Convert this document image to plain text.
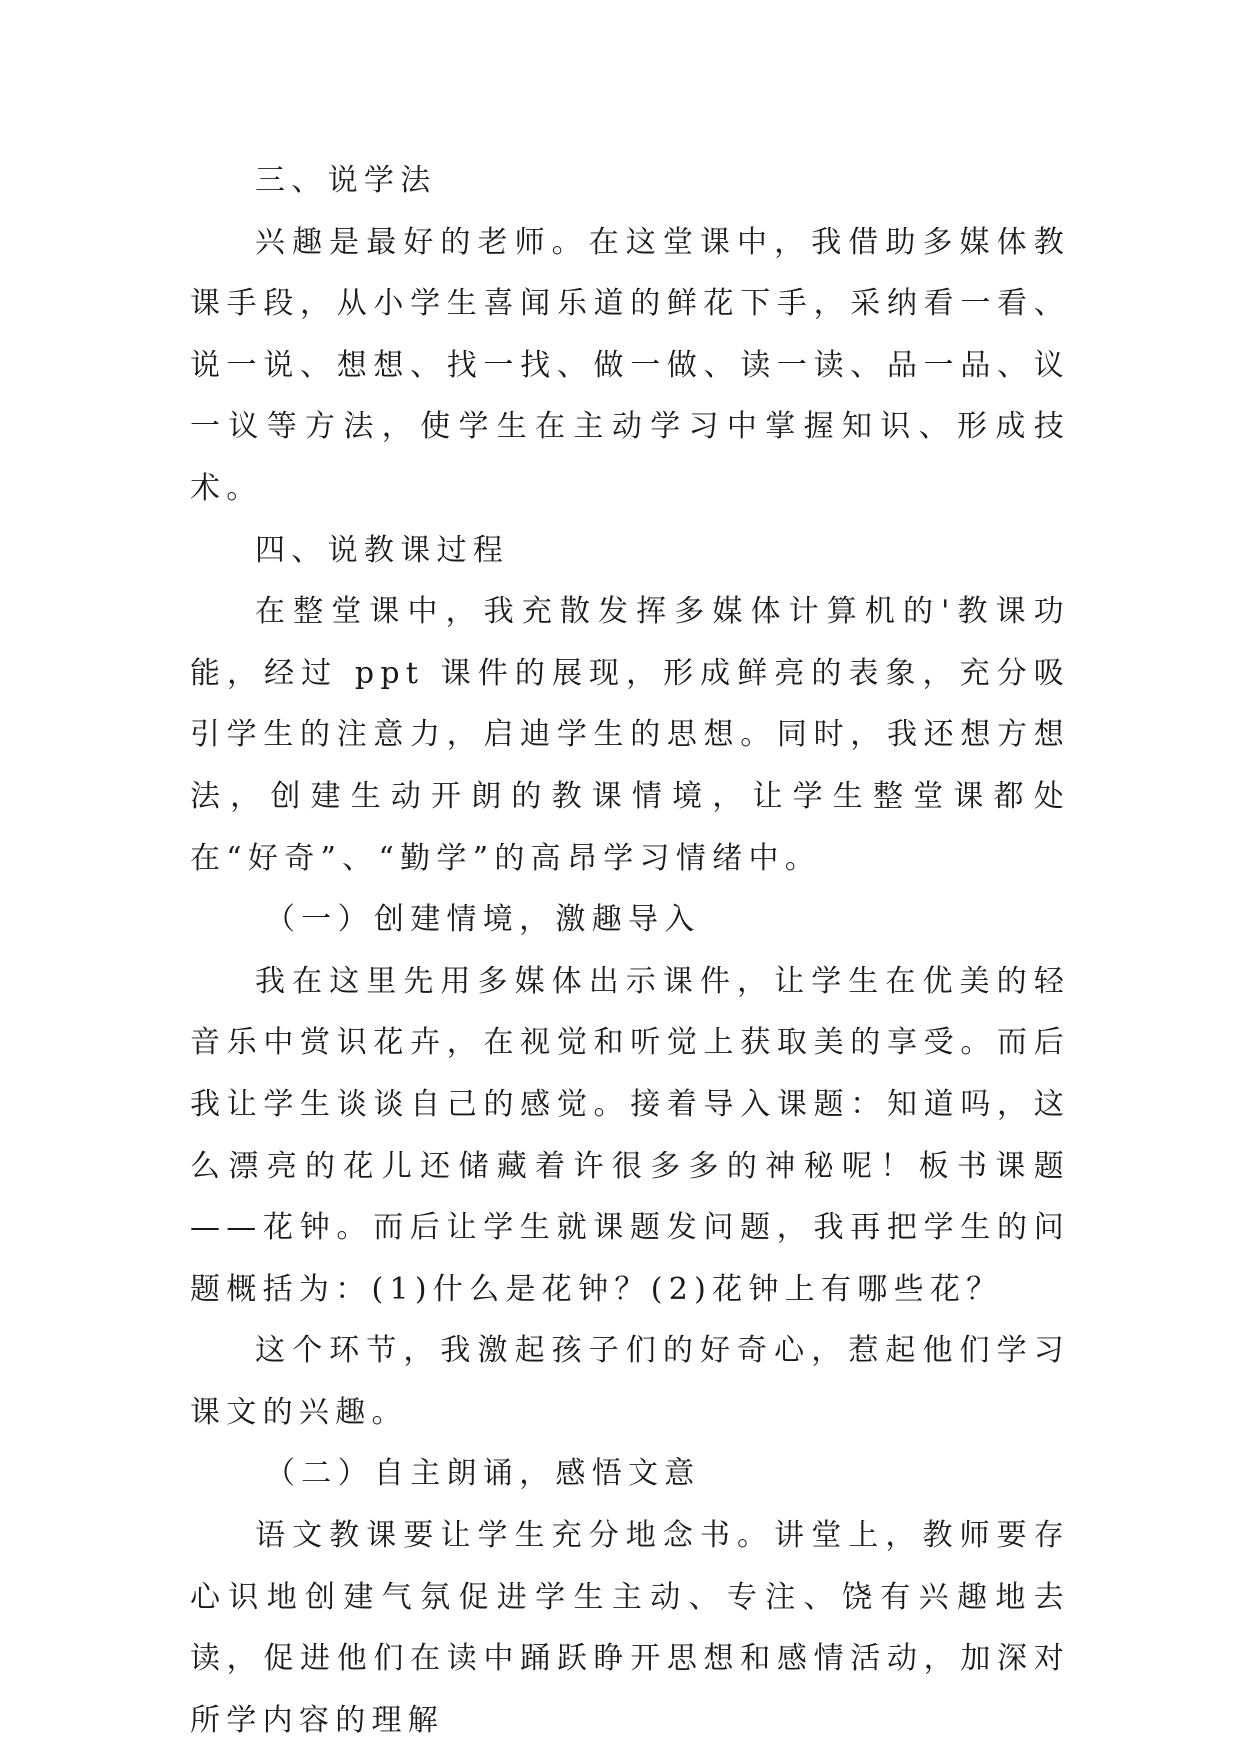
三、说学法

兴趣是最好的老师。在这堂课中，我借助多媒体教课手段，从小学生喜闻乐道的鲜花下手，采纳看一看、说一说、想想、找一找、做一做、读一读、品一品、议一议等方法，使学生在主动学习中掌握知识、形成技术。

四、说教课过程

在整堂课中，我充散发挥多媒体计算机的'教课功能，经过 ppt 课件的展现，形成鲜亮的表象，充分吸引学生的注意力，启迪学生的思想。同时，我还想方想法，创建生动开朗的教课情境，让学生整堂课都处在“好奇”、“勤学”的高昂学习情绪中。

（一）创建情境，激趣导入

我在这里先用多媒体出示课件，让学生在优美的轻音乐中赏识花卉，在视觉和听觉上获取美的享受。而后我让学生谈谈自己的感觉。接着导入课题：知道吗，这么漂亮的花儿还储藏着许很多多的神秘呢！板书课题——花钟。而后让学生就课题发问题，我再把学生的问题概括为：(1)什么是花钟？(2)花钟上有哪些花？

这个环节，我激起孩子们的好奇心，惹起他们学习课文的兴趣。

（二）自主朗诵，感悟文意

语文教课要让学生充分地念书。讲堂上，教师要存心识地创建气氛促进学生主动、专注、饶有兴趣地去读，促进他们在读中踊跃睁开思想和感情活动，加深对所学内容的理解
